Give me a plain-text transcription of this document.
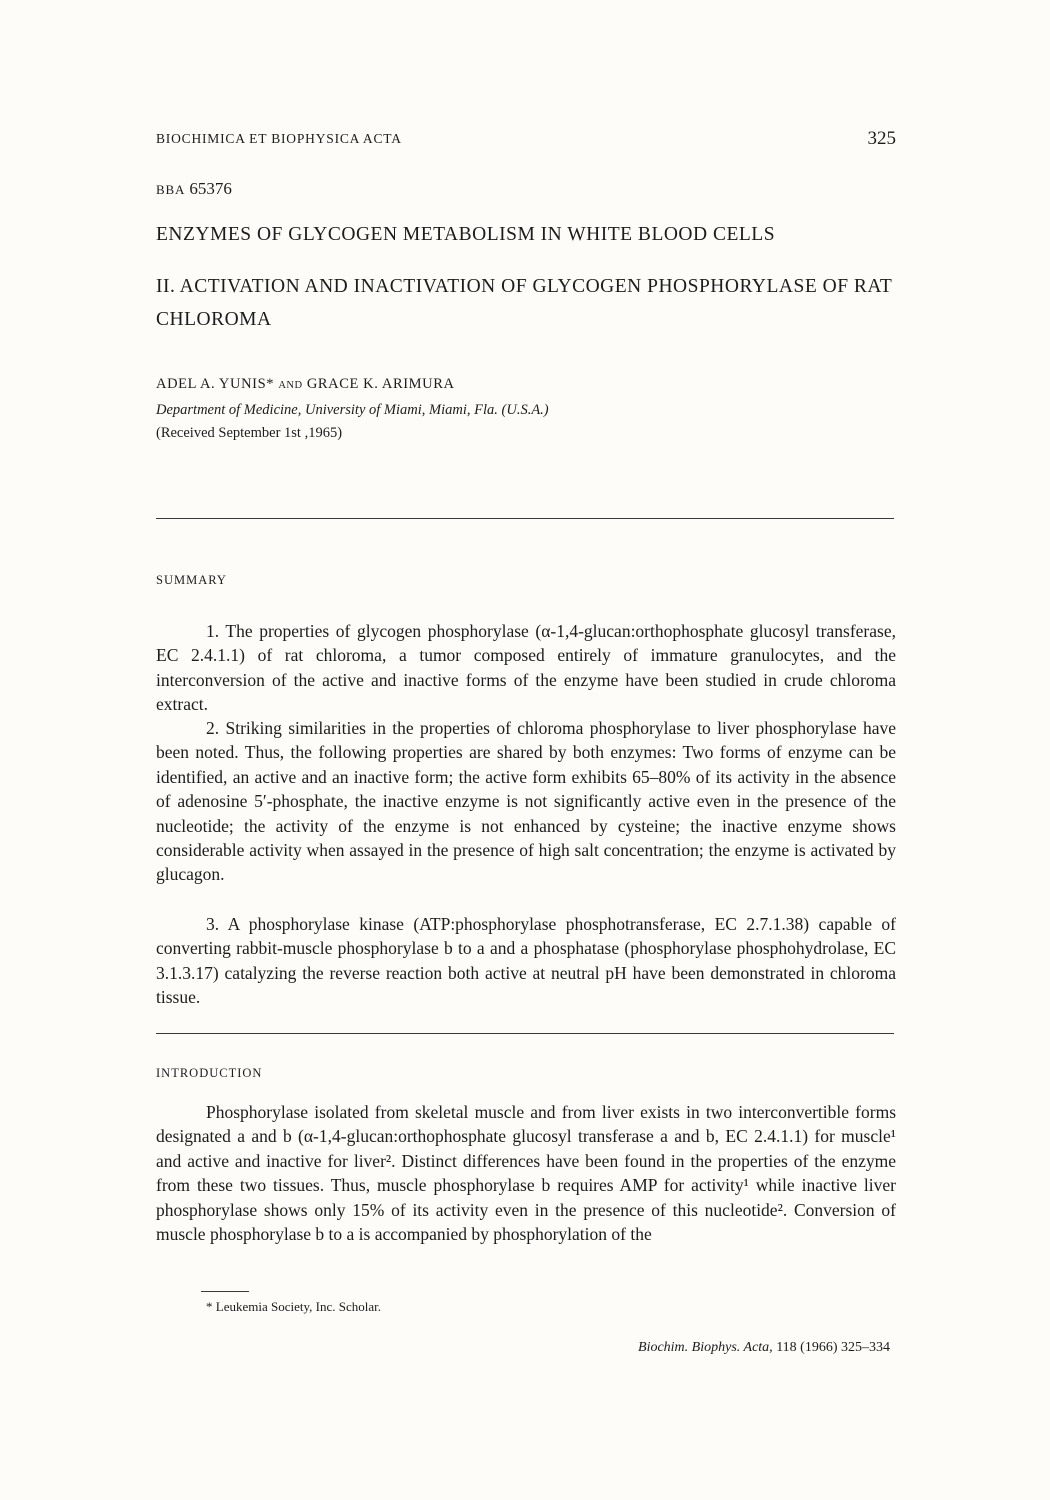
BIOCHIMICA ET BIOPHYSICA ACTA	325
BBA 65376
ENZYMES OF GLYCOGEN METABOLISM IN WHITE BLOOD CELLS
II. ACTIVATION AND INACTIVATION OF GLYCOGEN PHOSPHORYLASE OF RAT CHLOROMA
ADEL A. YUNIS* AND GRACE K. ARIMURA
Department of Medicine, University of Miami, Miami, Fla. (U.S.A.)
(Received September 1st ,1965)
SUMMARY

1. The properties of glycogen phosphorylase (α-1,4-glucan:orthophosphate glucosyl transferase, EC 2.4.1.1) of rat chloroma, a tumor composed entirely of immature granulocytes, and the interconversion of the active and inactive forms of the enzyme have been studied in crude chloroma extract.

2. Striking similarities in the properties of chloroma phosphorylase to liver phosphorylase have been noted. Thus, the following properties are shared by both enzymes: Two forms of enzyme can be identified, an active and an inactive form; the active form exhibits 65–80% of its activity in the absence of adenosine 5′-phosphate, the inactive enzyme is not significantly active even in the presence of the nucleotide; the activity of the enzyme is not enhanced by cysteine; the inactive enzyme shows considerable activity when assayed in the presence of high salt concentration; the enzyme is activated by glucagon.

3. A phosphorylase kinase (ATP:phosphorylase phosphotransferase, EC 2.7.1.38) capable of converting rabbit-muscle phosphorylase b to a and a phosphatase (phosphorylase phosphohydrolase, EC 3.1.3.17) catalyzing the reverse reaction both active at neutral pH have been demonstrated in chloroma tissue.

INTRODUCTION

Phosphorylase isolated from skeletal muscle and from liver exists in two interconvertible forms designated a and b (α-1,4-glucan:orthophosphate glucosyl transferase a and b, EC 2.4.1.1) for muscle¹ and active and inactive for liver². Distinct differences have been found in the properties of the enzyme from these two tissues. Thus, muscle phosphorylase b requires AMP for activity¹ while inactive liver phosphorylase shows only 15% of its activity even in the presence of this nucleotide². Conversion of muscle phosphorylase b to a is accompanied by phosphorylation of the

* Leukemia Society, Inc. Scholar.
Biochim. Biophys. Acta, 118 (1966) 325–334
